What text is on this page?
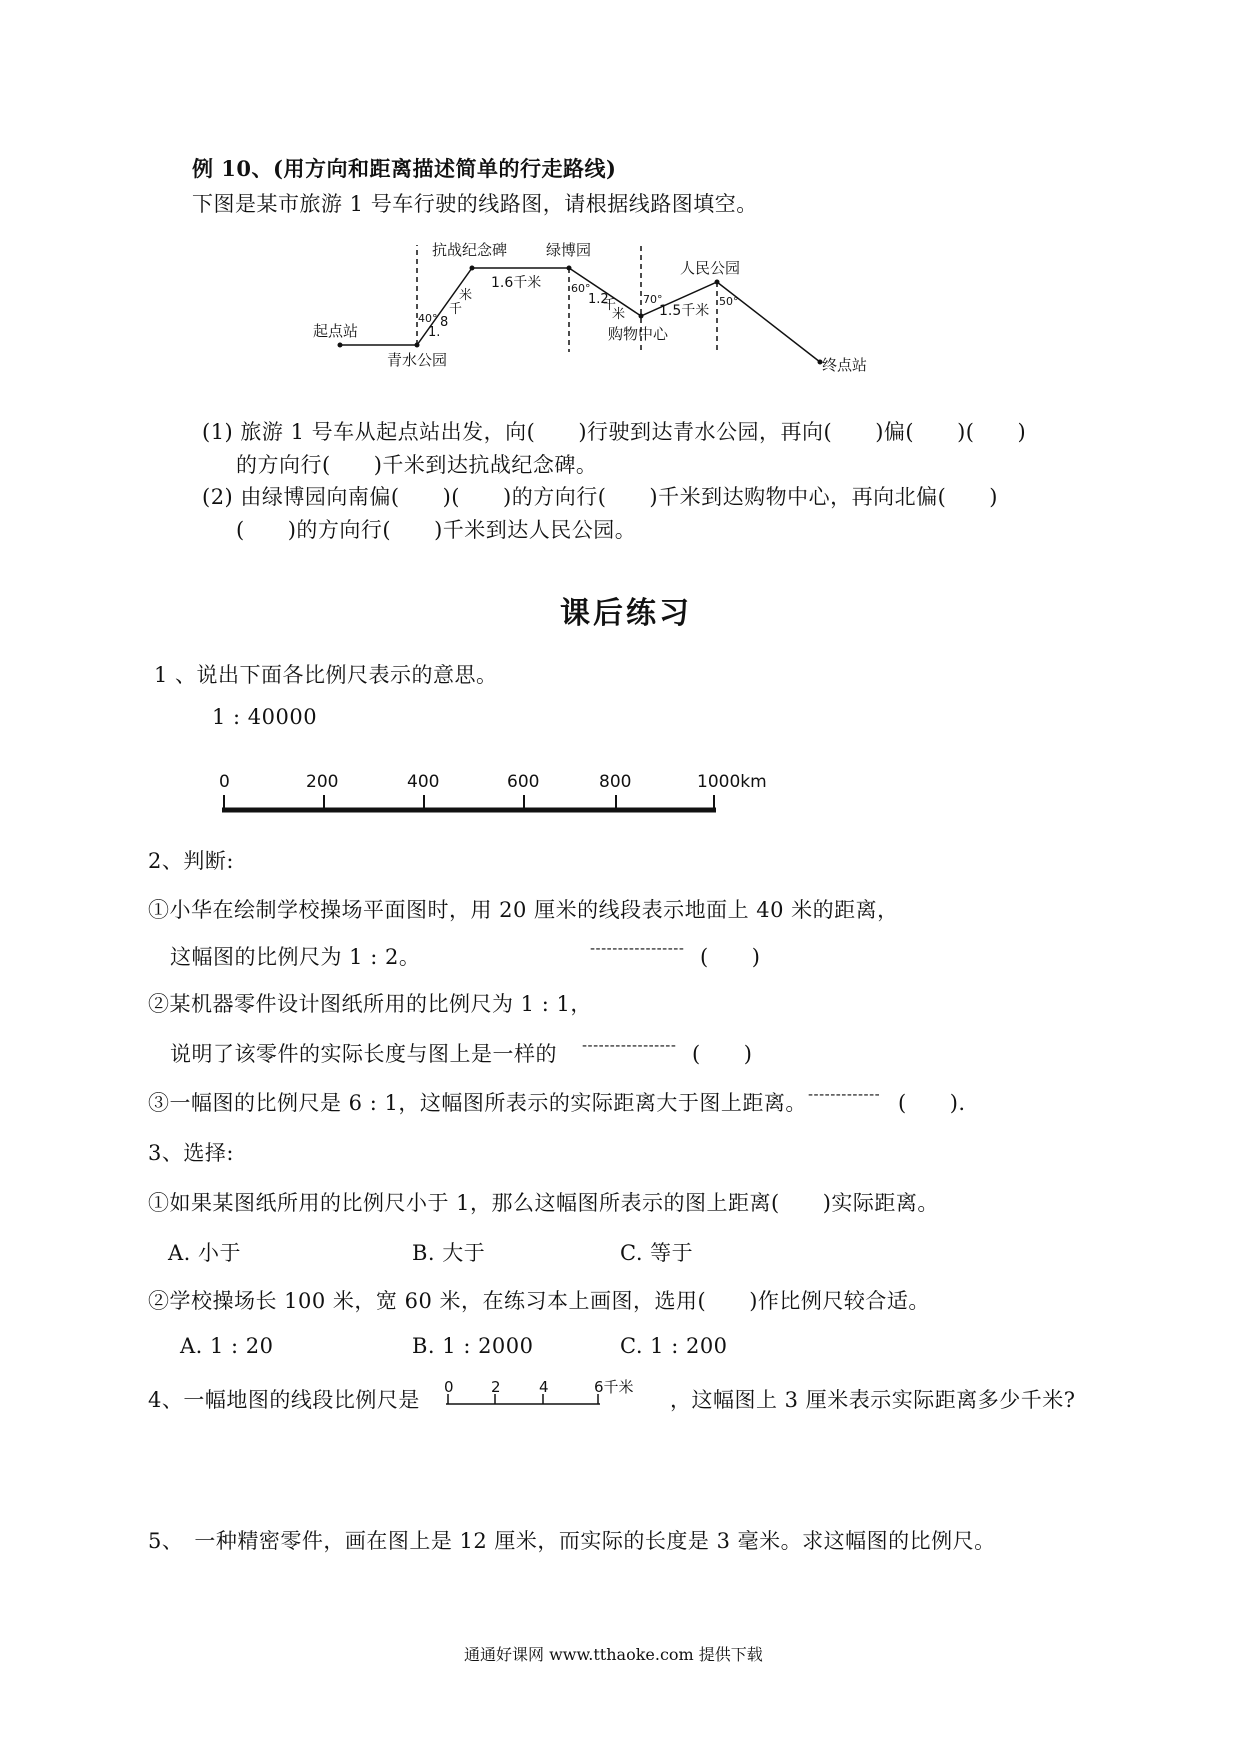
例 10、(用方向和距离描述简单的行走路线)
下图是某市旅游 1 号车行驶的线路图，请根据线路图填空。
起点站
青水公园
抗战纪念碑	绿博园
购物中心
人民公园
终点站
1.
8
千
米
1.6千米
1.2
千
米 1.5千米
40°
60°
70°	50°
(1) 旅游 1 号车从起点站出发，向(　　)行驶到达青水公园，再向(　　)偏(　　)(　　)
的方向行(　　)千米到达抗战纪念碑。
(2) 由绿博园向南偏(　　)(　　)的方向行(　　)千米到达购物中心，再向北偏(　　)
(　　)的方向行(　　)千米到达人民公园。
课后练习
1 、说出下面各比例尺表示的意思。
1 : 40000
0	200	400	600	800	1000km
2、判断:
①小华在绘制学校操场平面图时，用 20 厘米的线段表示地面上 40 米的距离，
这幅图的比例尺为 1 : 2。	----------------- (　　)
②某机器零件设计图纸所用的比例尺为 1 : 1，
说明了该零件的实际长度与图上是一样的 ----------------- (　　)
③一幅图的比例尺是 6 : 1，这幅图所表示的实际距离大于图上距离。 ------------- (　　).
3、选择:
①如果某图纸所用的比例尺小于 1，那么这幅图所表示的图上距离(　　)实际距离。
A. 小于	B. 大于	C. 等于
②学校操场长 100 米，宽 60 米，在练习本上画图，选用(　　)作比例尺较合适。
A. 1 : 20	B. 1 : 2000	C. 1 : 200
4、一幅地图的线段比例尺是
0 2	4	6千米
，这幅图上 3 厘米表示实际距离多少千米?
5、　一种精密零件，画在图上是 12 厘米，而实际的长度是 3 毫米。求这幅图的比例尺。
通通好课网 www.tthaoke.com 提供下载
